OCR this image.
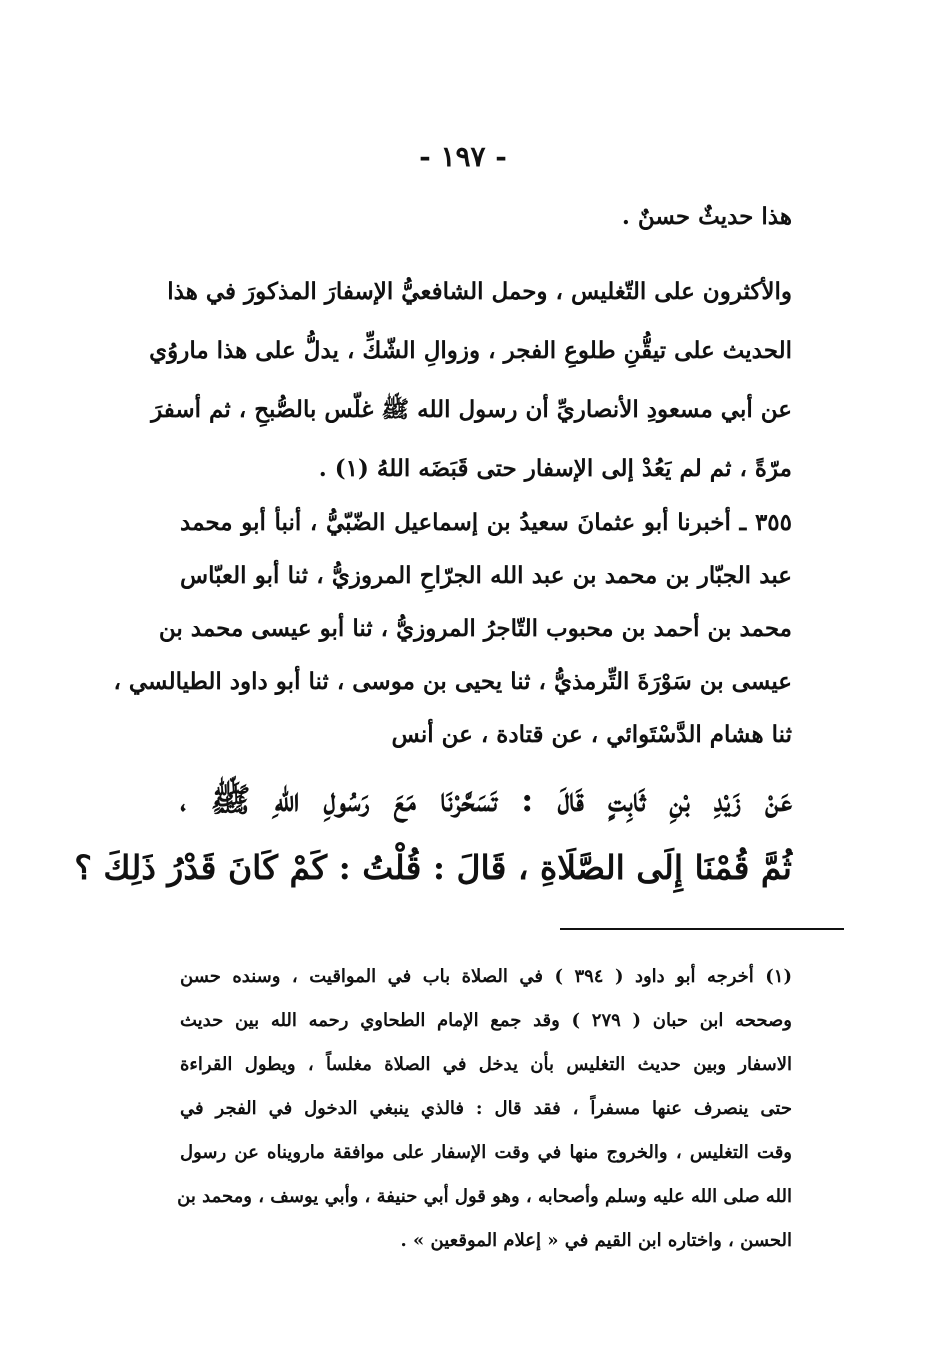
- ١٩٧ -
هذا حديثٌ حسنٌ .
والأكثرون على التّغليس ، وحمل الشافعيُّ الإسفارَ المذكورَ في هذا
الحديث على تيقُّنِ طلوعِ الفجر ، وزوالِ الشّكِّ ، يدلُّ على هذا ماروُي
عن أبي مسعودِ الأنصاريِّ أن رسول الله ﷺ غلّس بالصُّبحِ ، ثم أسفرَ
مرّةً ، ثم لم يَعُدْ إلى الإسفار حتى قَبَضَه اللهُ (١) .
٣٥٥ ـ أخبرنا أبو عثمانَ سعيدُ بن إسماعيل الضّبّيُّ ، أنبأ أبو محمد
عبد الجبّار بن محمد بن عبد الله الجرّاحِ المروزيُّ ، ثنا أبو العبّاس
محمد بن أحمد بن محبوب التّاجرُ المروزيُّ ، ثنا أبو عيسى محمد بن
عيسى بن سَوْرَةَ التِّرمذيُّ ، ثنا يحيى بن موسى ، ثنا أبو داود الطيالسي ،
ثنا هشام الدَّسْتَوائي ، عن قتادة ، عن أنس
عَنْ زَيْدِ بْنِ ثَابِتٍ قَالَ : تَسَحَّرْنَا مَعَ رَسُولِ اللهِ ﷺ ،
ثُمَّ قُمْنَا إِلَى الصَّلَاةِ ، قَالَ : قُلْتُ : كَمْ كَانَ قَدْرُ ذَلِكَ ؟
(١) أخرجه أبو داود ( ٣٩٤ ) في الصلاة باب في المواقيت ، وسنده حسن
وصححه ابن حبان ( ٢٧٩ ) وقد جمع الإمام الطحاوي رحمه الله بين حديث
الاسفار وبين حديث التغليس بأن يدخل في الصلاة مغلساً ، ويطول القراءة
حتى ينصرف عنها مسفراً ، فقد قال : فالذي ينبغي الدخول في الفجر في
وقت التغليس ، والخروج منها في وقت الإسفار على موافقة مارويناه عن رسول
الله صلى الله عليه وسلم وأصحابه ، وهو قول أبي حنيفة ، وأبي يوسف ، ومحمد بن
الحسن ، واختاره ابن القيم في « إعلام الموقعين » .
